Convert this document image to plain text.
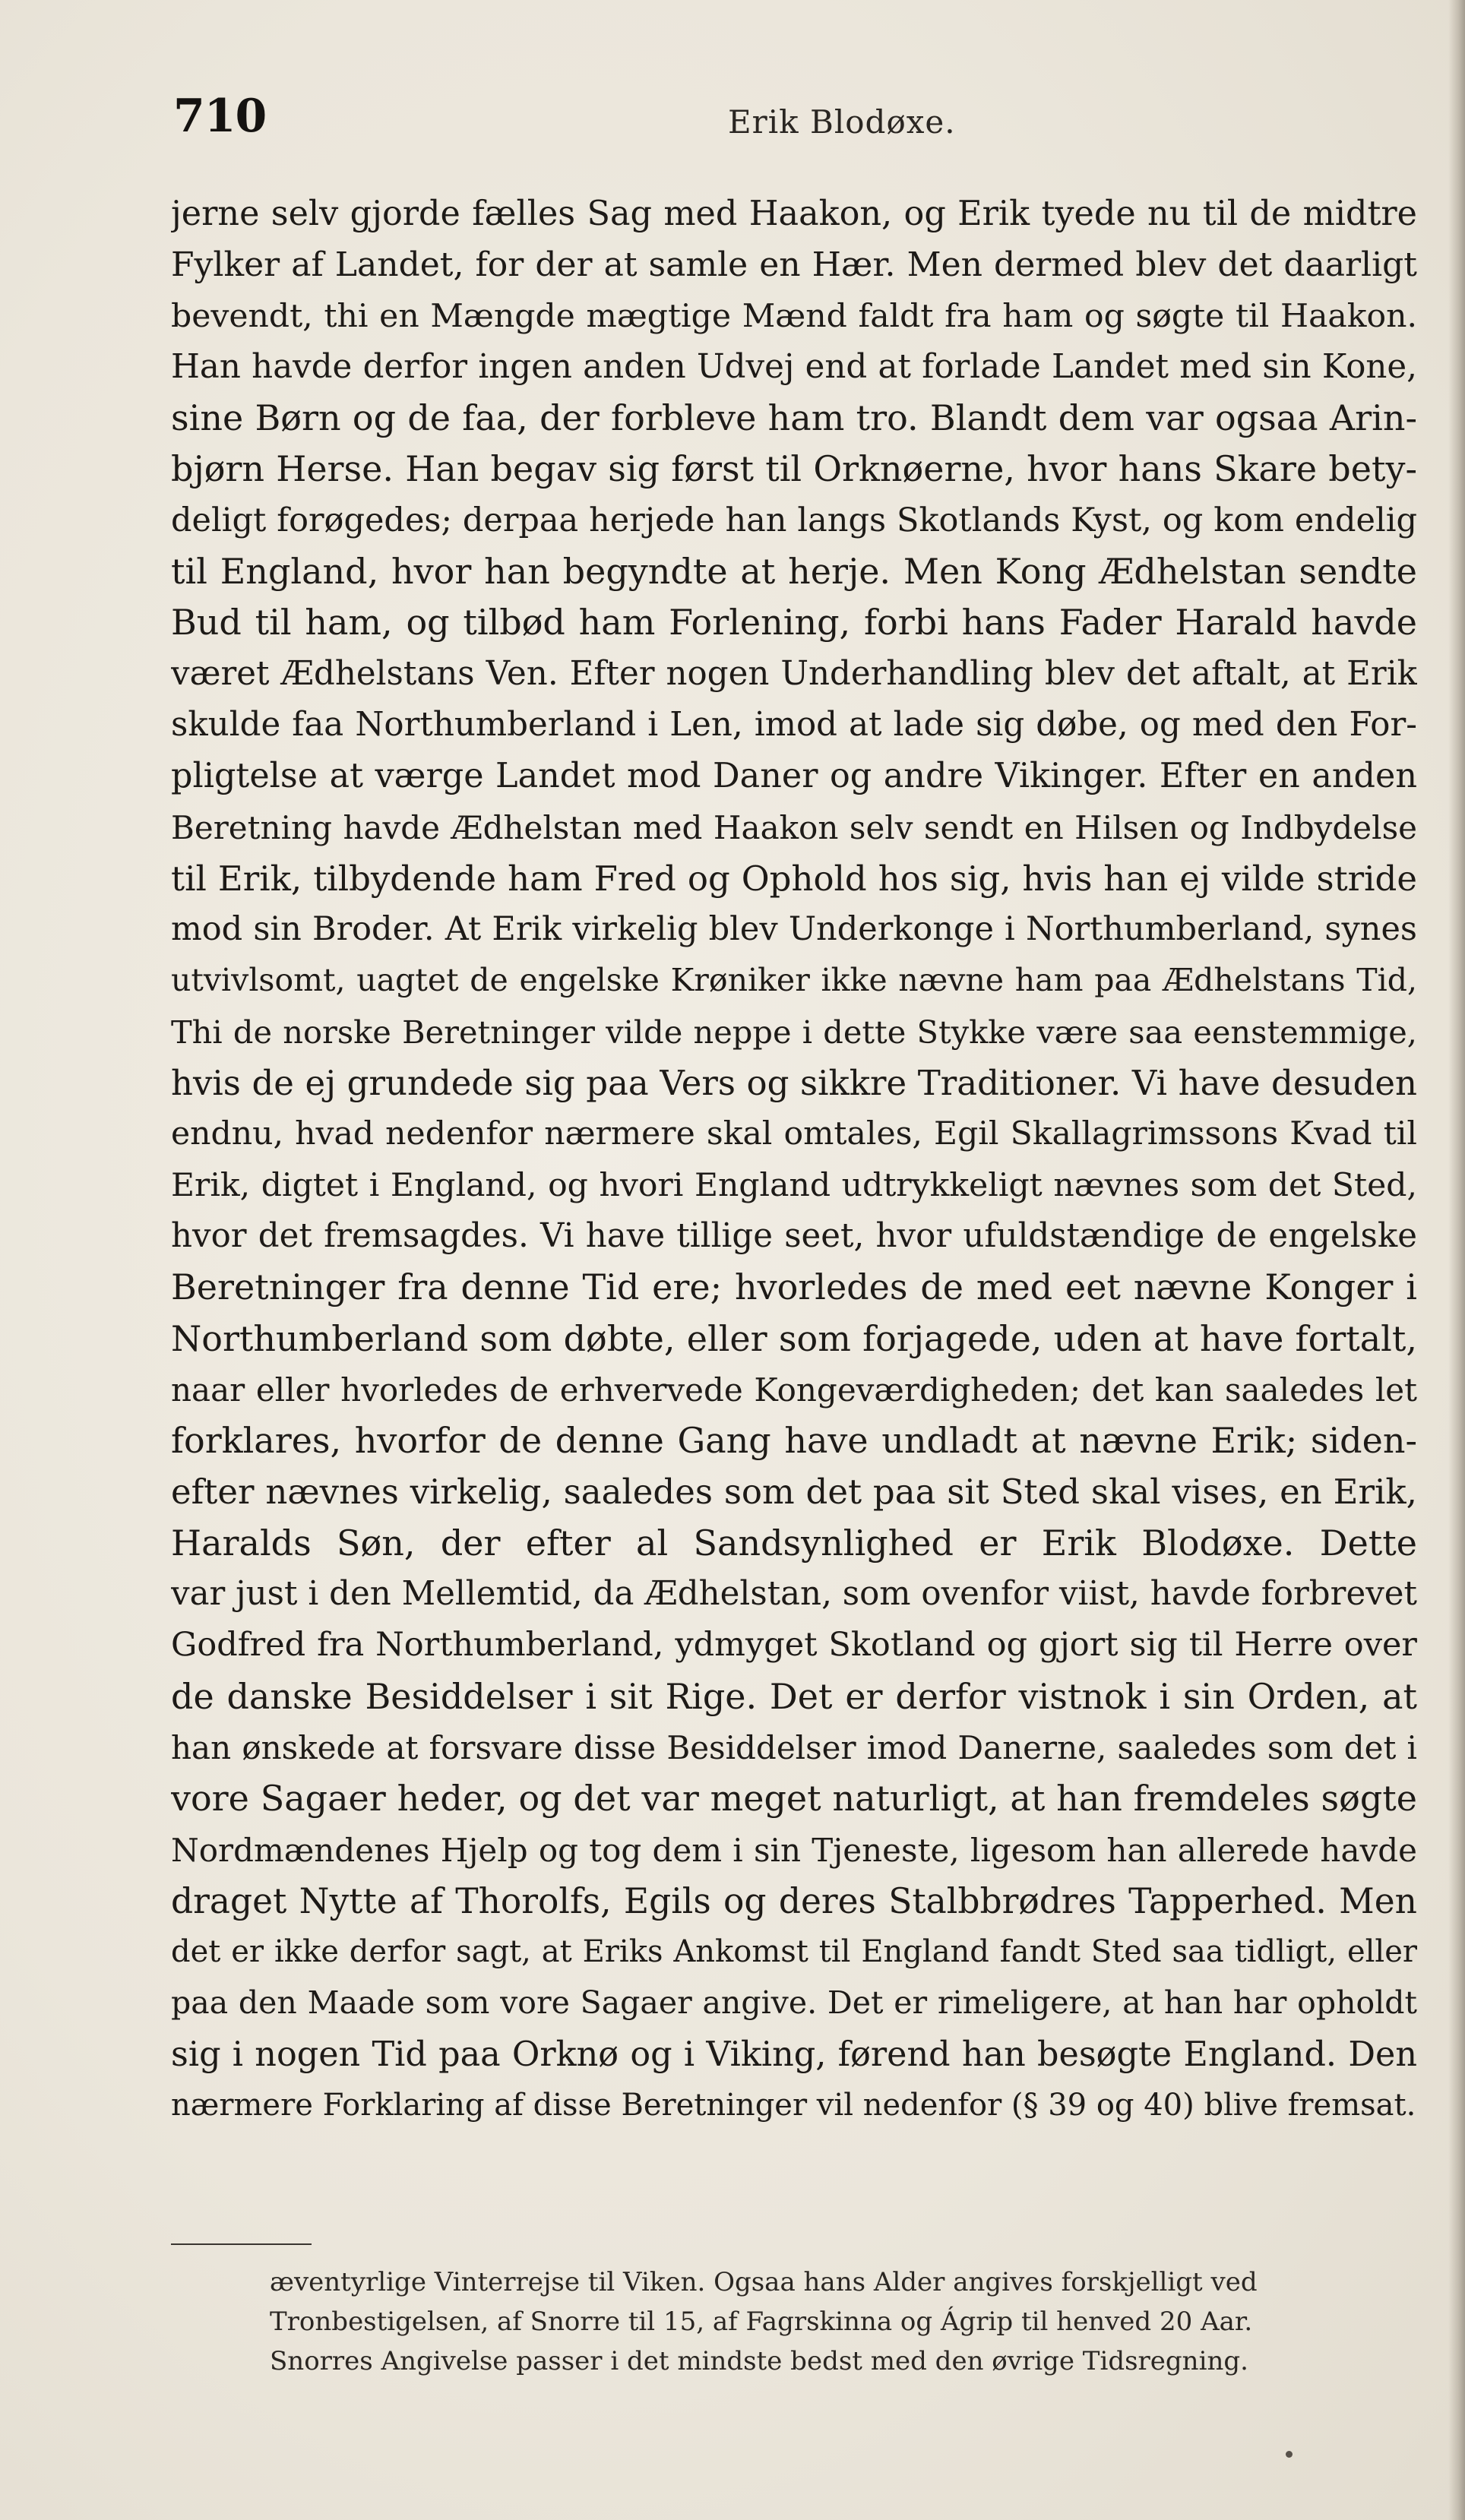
710	Erik Blodøxe.
jerne selv gjorde fælles Sag med Haakon, og Erik tyede nu til de midtre
Fylker af Landet, for der at samle en Hær. Men dermed blev det daarligt
bevendt, thi en Mængde mægtige Mænd faldt fra ham og søgte til Haakon.
Han havde derfor ingen anden Udvej end at forlade Landet med sin Kone,
sine Børn og de faa, der forbleve ham tro. Blandt dem var ogsaa Arin-
bjørn Herse. Han begav sig først til Orknøerne, hvor hans Skare bety-
deligt forøgedes; derpaa herjede han langs Skotlands Kyst, og kom endelig
til England, hvor han begyndte at herje. Men Kong Ædhelstan sendte
Bud til ham, og tilbød ham Forlening, forbi hans Fader Harald havde
været Ædhelstans Ven. Efter nogen Underhandling blev det aftalt, at Erik
skulde faa Northumberland i Len, imod at lade sig døbe, og med den For-
pligtelse at værge Landet mod Daner og andre Vikinger. Efter en anden
Beretning havde Ædhelstan med Haakon selv sendt en Hilsen og Indbydelse
til Erik, tilbydende ham Fred og Ophold hos sig, hvis han ej vilde stride
mod sin Broder. At Erik virkelig blev Underkonge i Northumberland, synes
utvivlsomt, uagtet de engelske Krøniker ikke nævne ham paa Ædhelstans Tid,
Thi de norske Beretninger vilde neppe i dette Stykke være saa eenstemmige,
hvis de ej grundede sig paa Vers og sikkre Traditioner. Vi have desuden
endnu, hvad nedenfor nærmere skal omtales, Egil Skallagrimssons Kvad til
Erik, digtet i England, og hvori England udtrykkeligt nævnes som det Sted,
hvor det fremsagdes. Vi have tillige seet, hvor ufuldstændige de engelske
Beretninger fra denne Tid ere; hvorledes de med eet nævne Konger i
Northumberland som døbte, eller som forjagede, uden at have fortalt,
naar eller hvorledes de erhvervede Kongeværdigheden; det kan saaledes let
forklares, hvorfor de denne Gang have undladt at nævne Erik; siden-
efter nævnes virkelig, saaledes som det paa sit Sted skal vises, en Erik,
Haralds Søn, der efter al Sandsynlighed er Erik Blodøxe. Dette
var just i den Mellemtid, da Ædhelstan, som ovenfor viist, havde forbrevet
Godfred fra Northumberland, ydmyget Skotland og gjort sig til Herre over
de danske Besiddelser i sit Rige. Det er derfor vistnok i sin Orden, at
han ønskede at forsvare disse Besiddelser imod Danerne, saaledes som det i
vore Sagaer heder, og det var meget naturligt, at han fremdeles søgte
Nordmændenes Hjelp og tog dem i sin Tjeneste, ligesom han allerede havde
draget Nytte af Thorolfs, Egils og deres Stalbbrødres Tapperhed. Men
det er ikke derfor sagt, at Eriks Ankomst til England fandt Sted saa tidligt, eller
paa den Maade som vore Sagaer angive. Det er rimeligere, at han har opholdt
sig i nogen Tid paa Orknø og i Viking, førend han besøgte England. Den
nærmere Forklaring af disse Beretninger vil nedenfor (§ 39 og 40) blive fremsat.
æventyrlige Vinterrejse til Viken. Ogsaa hans Alder angives forskjelligt ved
Tronbestigelsen, af Snorre til 15, af Fagrskinna og Ágrip til henved 20 Aar.
Snorres Angivelse passer i det mindste bedst med den øvrige Tidsregning.
